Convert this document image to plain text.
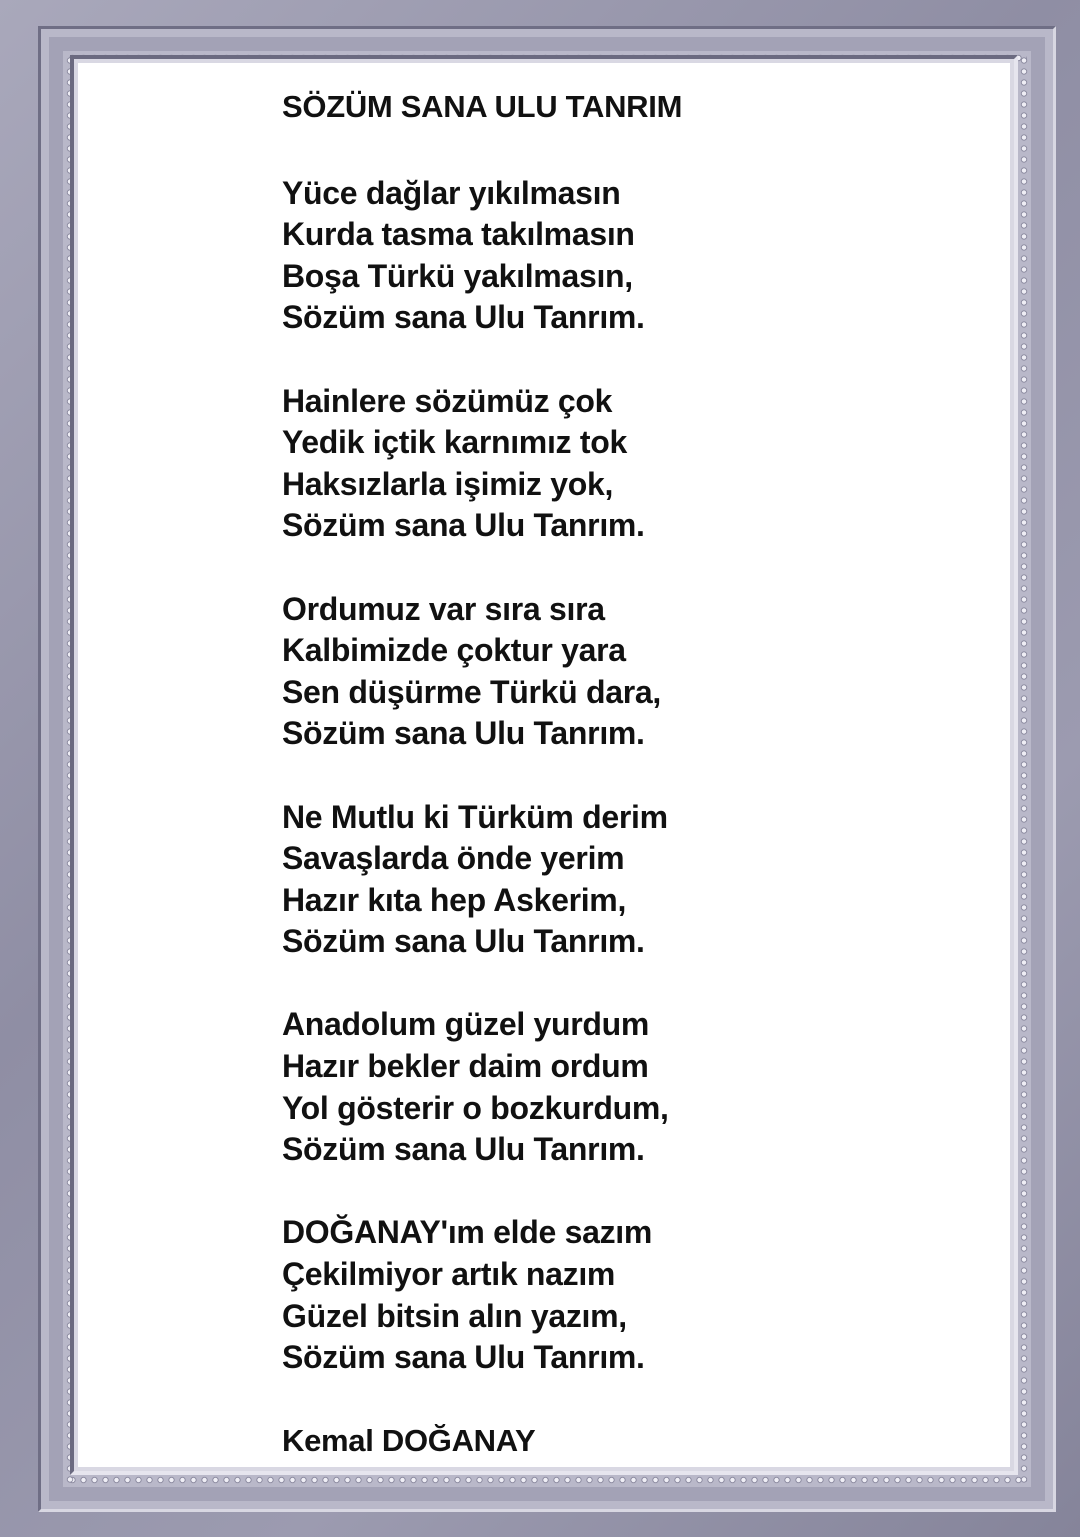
SÖZÜM SANA ULU TANRIM
Yüce dağlar yıkılmasın
Kurda tasma takılmasın
Boşa Türkü yakılmasın,
Sözüm sana Ulu Tanrım.
Hainlere sözümüz çok
Yedik içtik karnımız tok
Haksızlarla işimiz yok,
Sözüm sana Ulu Tanrım.
Ordumuz var sıra sıra
Kalbimizde çoktur yara
Sen düşürme Türkü dara,
Sözüm sana Ulu Tanrım.
Ne Mutlu ki Türküm derim
Savaşlarda önde yerim
Hazır kıta hep Askerim,
Sözüm sana Ulu Tanrım.
Anadolum güzel yurdum
Hazır bekler daim ordum
Yol gösterir o bozkurdum,
Sözüm sana Ulu Tanrım.
DOĞANAY'ım elde sazım
Çekilmiyor artık nazım
Güzel bitsin alın yazım,
Sözüm sana Ulu Tanrım.
Kemal DOĞANAY
